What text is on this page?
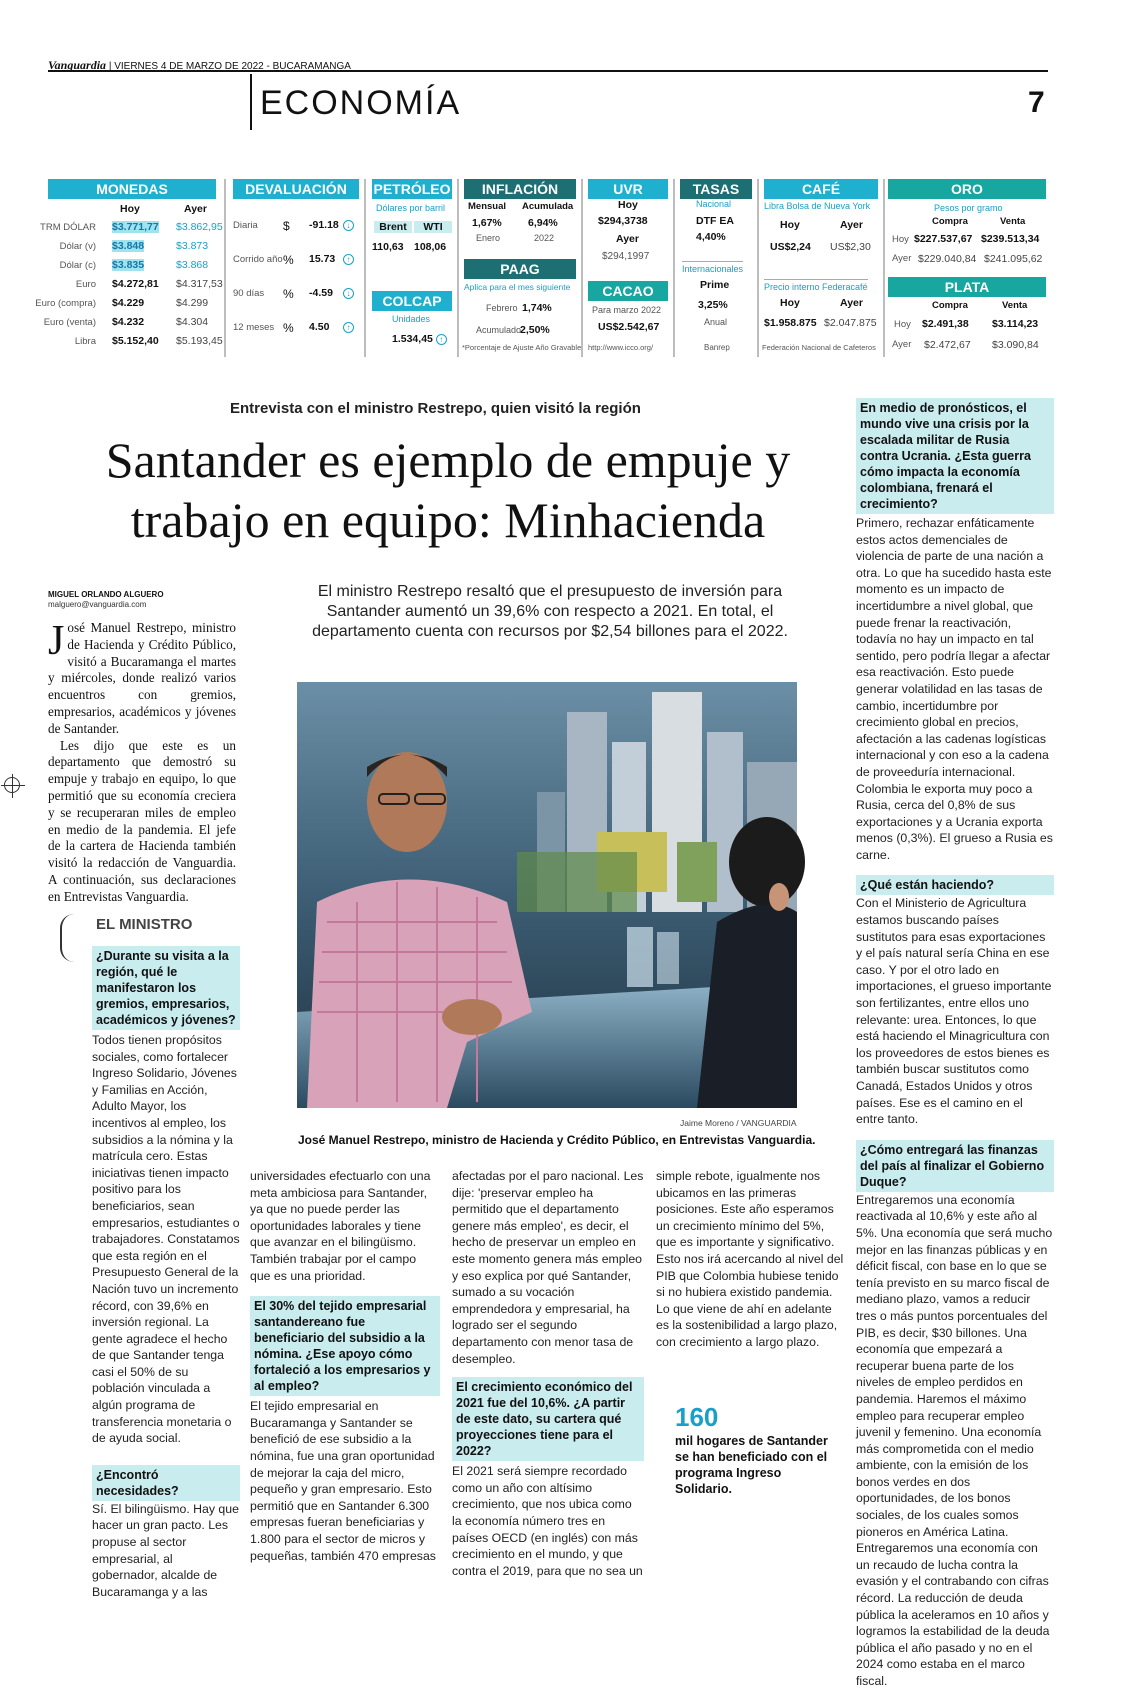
Vanguardia | VIERNES 4 DE MARZO DE 2022 - BUCARAMANGA
ECONOMÍA	7
MONEDAS
Hoy	Ayer
TRM DÓLAR $3.771,77 $3.862,95
Dólar (v) $3.848	$3.873
Dólar (c) $3.835	$3.868
Euro $4.272,81 $4.317,53
Euro (compra) $4.229	$4.299
Euro (venta) $4.232	$4.304
Libra $5.152,40 $5.193,45
DEVALUACIÓN
Diaria $ -91.18 ↓
Corrido año % 15.73	↑
90 días % -4.59	↓
12 meses % 4.50	↑
PETRÓLEO
Dólares por barril
Brent	WTI
110,63 108,06
COLCAP
Unidades
1.534,45 ↑
INFLACIÓN
Mensual Acumulada
1,67% 6,94%
Enero	2022
PAAG
Aplica para el mes siguiente
Febrero 1,74%
Acumulado
2,50%
*Porcentaje de Ajuste Año Gravable
UVR
Hoy
$294,3738
Ayer
$294,1997
CACAO
Para marzo 2022
US$2.542,67
http://www.icco.org/
TASAS
Nacional
DTF EA
4,40%
Internacionales
Prime
3,25%
Anual
Banrep
CAFÉ
Libra Bolsa de Nueva York
Hoy	Ayer
US$2,24 US$2,30
Precio interno Federacafé
Hoy	Ayer
$1.958.875 $2.047.875
Federación Nacional de Cafeteros
ORO
Pesos por gramo
Compra	Venta
Hoy $227.537,67 $239.513,34
Ayer $229.040,84 $241.095,62
PLATA
Compra	Venta
Hoy $2.491,38 $3.114,23
Ayer $2.472,67 $3.090,84
Entrevista con el ministro Restrepo, quien visitó la región
Santander es ejemplo de empuje y trabajo en equipo: Minhacienda
MIGUEL ORLANDO ALGUERO
malguero@vanguardia.com
El ministro Restrepo resaltó que el presupuesto de inversión para Santander aumentó un 39,6% con respecto a 2021. En total, el departamento cuenta con recursos por $2,54 billones para el 2022.

José Manuel Restrepo, ministro de Hacienda y Crédito Público, visitó a Bucaramanga el martes y miércoles, donde realizó varios encuentros con gremios, empresarios, académicos y jóvenes de Santander.

Les dijo que este es un departamento que demostró su empuje y trabajo en equipo, lo que permitió que su economía creciera y se recuperaran miles de empleo en medio de la pandemia. El jefe de la cartera de Hacienda también visitó la redacción de Vanguardia. A continuación, sus declaraciones en Entrevistas Vanguardia.

EL MINISTRO
¿Durante su visita a la región, qué le manifestaron los gremios, empresarios, académicos y jóvenes?
Todos tienen propósitos sociales, como fortalecer Ingreso Solidario, Jóvenes y Familias en Acción, Adulto Mayor, los incentivos al empleo, los subsidios a la nómina y la matrícula cero. Estas iniciativas tienen impacto positivo para los beneficiarios, sean empresarios, estudiantes o trabajadores. Constatamos que esta región en el Presupuesto General de la Nación tuvo un incremento récord, con 39,6% en inversión regional. La gente agradece el hecho de que Santander tenga casi el 50% de su población vinculada a algún programa de transferencia monetaria o de ayuda social.
¿Encontró necesidades?
Sí. El bilingüismo. Hay que hacer un gran pacto. Les propuse al sector empresarial, al gobernador, alcalde de Bucaramanga y a las
Jaime Moreno / VANGUARDIA
José Manuel Restrepo, ministro de Hacienda y Crédito Público, en Entrevistas Vanguardia.
universidades efectuarlo con una meta ambiciosa para Santander, ya que no puede perder las oportunidades laborales y tiene que avanzar en el bilingüismo. También trabajar por el campo que es una prioridad.
El 30% del tejido empresarial santandereano fue beneficiario del subsidio a la nómina. ¿Ese apoyo cómo fortaleció a los empresarios y al empleo?
El tejido empresarial en Bucaramanga y Santander se benefició de ese subsidio a la nómina, fue una gran oportunidad de mejorar la caja del micro, pequeño y gran empresario. Esto permitió que en Santander 6.300 empresas fueran beneficiarias y 1.800 para el sector de micros y pequeñas, también 470 empresas
afectadas por el paro nacional. Les dije: 'preservar empleo ha permitido que el departamento genere más empleo', es decir, el hecho de preservar un empleo en este momento genera más empleo y eso explica por qué Santander, sumado a su vocación emprendedora y empresarial, ha logrado ser el segundo departamento con menor tasa de desempleo.
El crecimiento económico del 2021 fue del 10,6%. ¿A partir de este dato, su cartera qué proyecciones tiene para el 2022?
El 2021 será siempre recordado como un año con altísimo crecimiento, que nos ubica como la economía número tres en países OECD (en inglés) con más crecimiento en el mundo, y que contra el 2019, para que no sea un
simple rebote, igualmente nos ubicamos en las primeras posiciones. Este año esperamos un crecimiento mínimo del 5%, que es importante y significativo. Esto nos irá acercando al nivel del PIB que Colombia hubiese tenido si no hubiera existido pandemia. Lo que viene de ahí en adelante es la sostenibilidad a largo plazo, con crecimiento a largo plazo.
160
mil hogares de Santander se han beneficiado con el programa Ingreso Solidario.
En medio de pronósticos, el mundo vive una crisis por la escalada militar de Rusia contra Ucrania. ¿Esta guerra cómo impacta la economía colombiana, frenará el crecimiento?
Primero, rechazar enfáticamente estos actos demenciales de violencia de parte de una nación a otra. Lo que ha sucedido hasta este momento es un impacto de incertidumbre a nivel global, que puede frenar la reactivación, todavía no hay un impacto en tal sentido, pero podría llegar a afectar esa reactivación. Esto puede generar volatilidad en las tasas de cambio, incertidumbre por crecimiento global en precios, afectación a las cadenas logísticas internacional y con eso a la cadena de proveeduría internacional. Colombia le exporta muy poco a Rusia, cerca del 0,8% de sus exportaciones y a Ucrania exporta menos (0,3%). El grueso a Rusia es carne.
¿Qué están haciendo?
Con el Ministerio de Agricultura estamos buscando países sustitutos para esas exportaciones y el país natural sería China en ese caso. Y por el otro lado en importaciones, el grueso importante son fertilizantes, entre ellos uno relevante: urea. Entonces, lo que está haciendo el Minagricultura con los proveedores de estos bienes es también buscar sustitutos como Canadá, Estados Unidos y otros países. Ese es el camino en el entre tanto.
¿Cómo entregará las finanzas del país al finalizar el Gobierno Duque?
Entregaremos una economía reactivada al 10,6% y este año al 5%. Una economía que será mucho mejor en las finanzas públicas y en déficit fiscal, con base en lo que se tenía previsto en su marco fiscal de mediano plazo, vamos a reducir tres o más puntos porcentuales del PIB, es decir, $30 billones. Una economía que empezará a recuperar buena parte de los niveles de empleo perdidos en pandemia. Haremos el máximo empleo para recuperar empleo juvenil y femenino. Una economía más comprometida con el medio ambiente, con la emisión de los bonos verdes en dos oportunidades, de los bonos sociales, de los cuales somos pioneros en América Latina. Entregaremos una economía con un recaudo de lucha contra la evasión y el contrabando con cifras récord. La reducción de deuda pública la aceleramos en 10 años y logramos la estabilidad de la deuda pública el año pasado y no en el 2024 como estaba en el marco fiscal.
